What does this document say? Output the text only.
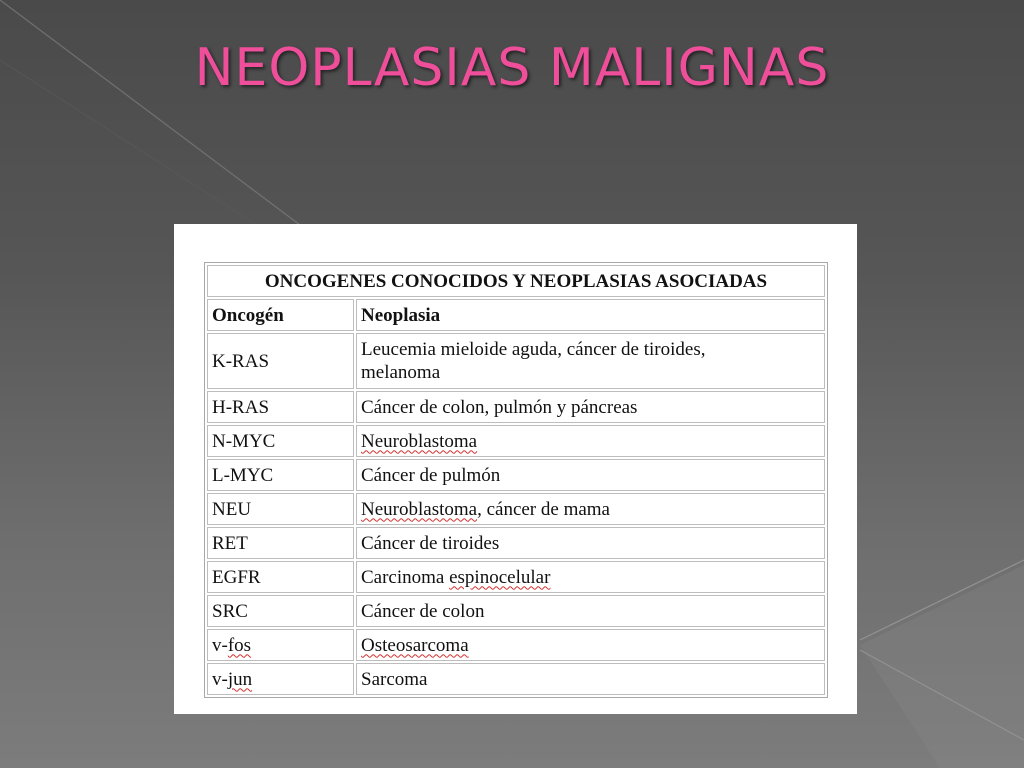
NEOPLASIAS MALIGNAS
ONCOGENES CONOCIDOS Y NEOPLASIAS ASOCIADAS	
Oncogén	Neoplasia
K-RAS	Leucemia mieloide aguda, cáncer de tiroides,
melanoma
H-RAS	Cáncer de colon, pulmón y páncreas
N-MYC	Neuroblastoma
L-MYC	Cáncer de pulmón
NEU	Neuroblastoma, cáncer de mama
RET	Cáncer de tiroides
EGFR	Carcinoma espinocelular
SRC	Cáncer de colon
v-fos	Osteosarcoma
v-jun	Sarcoma
